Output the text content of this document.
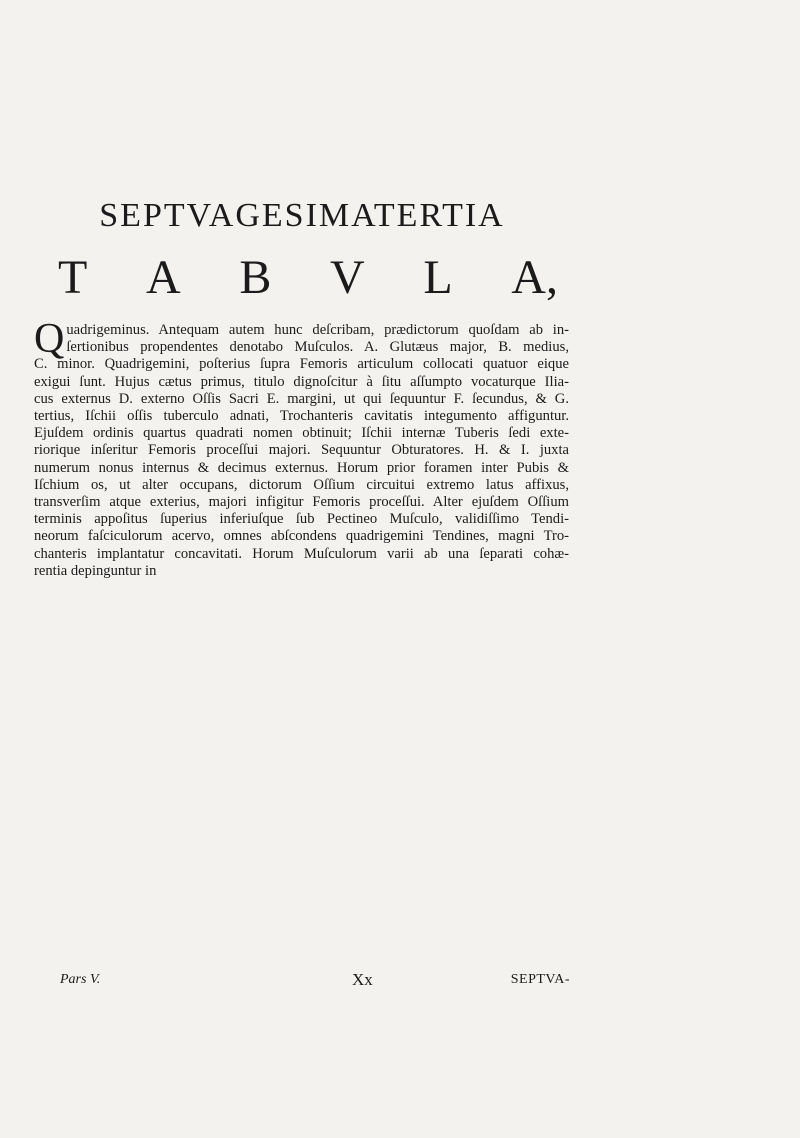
SEPTVAGESIMATERTIA
T A B V L A,
Q uadrigeminus. Antequam autem hunc deſcribam, prædictorum quoſdam ab in-
ſertionibus propendentes denotabo Muſculos. A. Glutæus major, B. medius,
C. minor. Quadrigemini, poſterius ſupra Femoris articulum collocati quatuor eique
exigui ſunt. Hujus cætus primus, titulo dignoſcitur à ſitu aſſumpto vocaturque Ilia-
cus externus D. externo Oſſis Sacri E. margini, ut qui ſequuntur F. ſecundus, & G.
tertius, Iſchii oſſis tuberculo adnati, Trochanteris cavitatis integumento affiguntur.
Ejuſdem ordinis quartus quadrati nomen obtinuit; Iſchii internæ Tuberis ſedi exte-
riorique inſeritur Femoris proceſſui majori. Sequuntur Obturatores. H. & I. juxta
numerum nonus internus & decimus externus. Horum prior foramen inter Pubis &
Iſchium os, ut alter occupans, dictorum Oſſium circuitui extremo latus affixus,
transverſim atque exterius, majori infigitur Femoris proceſſui. Alter ejuſdem Oſſium
terminis appoſitus ſuperius inferiuſque ſub Pectineo Muſculo, validiſſimo Tendi-
neorum faſciculorum acervo, omnes abſcondens quadrigemini Tendines, magni Tro-
chanteris implantatur concavitati. Horum Muſculorum varii ab una ſeparati cohæ-
rentia depinguntur in
Pars V.	Xx	SEPTVA-
